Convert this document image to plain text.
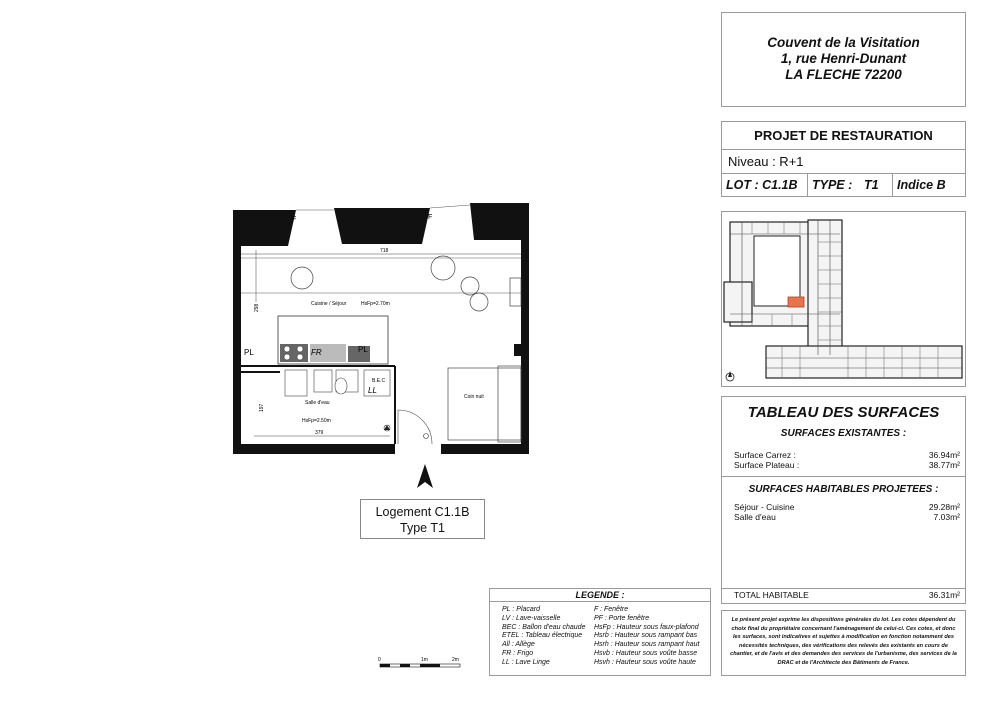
Couvent de la Visitation
1, rue Henri-Dunant
LA FLECHE 72200
PROJET DE RESTAURATION
Niveau : R+1
LOT : C1.1B	TYPE : T1	Indice B
TABLEAU DES SURFACES
SURFACES EXISTANTES :
Surface Carrez :	36.94m²
Surface Plateau :	38.77m²
SURFACES HABITABLES PROJETEES :
Séjour - Cuisine	29.28m²
Salle d'eau	7.03m²
TOTAL HABITABLE	36.31m²
Le présent projet exprime les dispositions générales du lot. Les cotes dépendent du choix final du propriétaire concernant l'aménagement de celui-ci. Ces cotes, et donc les surfaces, sont indicatives et sujettes à modification en fonction notamment des nécessités techniques, des vérifications des relevés des existants en cours de chantier, et de l'avis et des demandes des services de l'urbanisme, des services de la DRAC et de l'Architecte des Bâtiments de France.
LEGENDE :
PL : Placard
LV : Lave-vaisselle
BEC : Ballon d'eau chaude
ETEL : Tableau électrique
All : Allège
FR : Frigo
LL : Lave Linge
F : Fenêtre
PF : Porte fenêtre
HsFp : Hauteur sous faux-plafond
Hsrb : Hauteur sous rampant bas
Hsrh : Hauteur sous rampant haut
Hsvb : Hauteur sous voûte basse
Hsvh : Hauteur sous voûte haute
Logement C1.1B
Type T1
718
298
F	F
Cuisine / Séjour	HsFp=2.70m
FR
PL	PL
B.E.C
LL
Salle d'eau
HsFp=2.50m
Coin nuit
379
197
0	1m	2m
